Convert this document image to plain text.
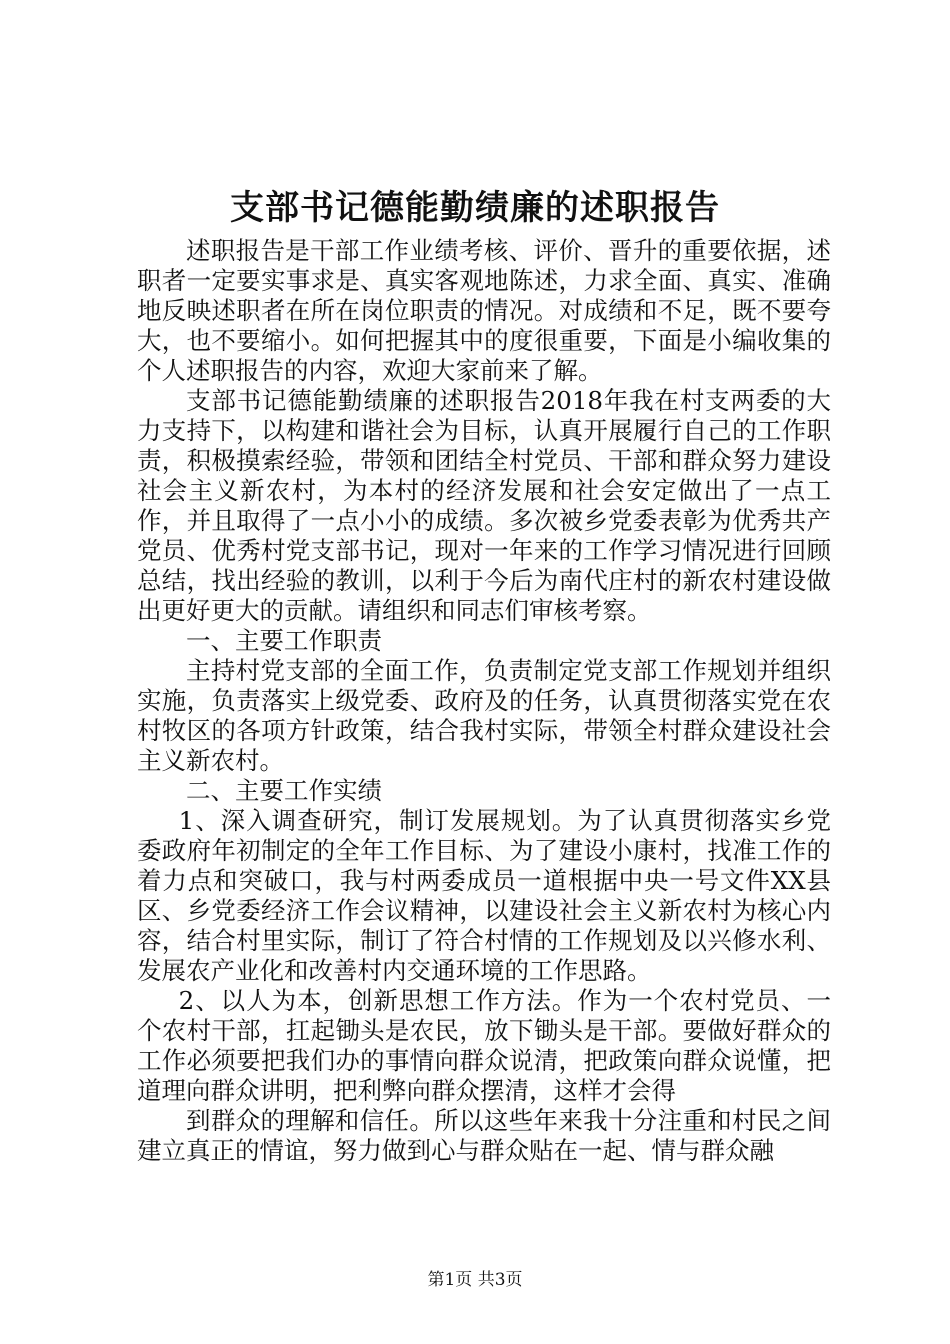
支部书记德能勤绩廉的述职报告

述职报告是干部工作业绩考核、评价、晋升的重要依据，述职者一定要实事求是、真实客观地陈述，力求全面、真实、准确地反映述职者在所在岗位职责的情况。对成绩和不足，既不要夸大，也不要缩小。如何把握其中的度很重要，下面是小编收集的个人述职报告的内容，欢迎大家前来了解。

支部书记德能勤绩廉的述职报告2018年我在村支两委的大力支持下，以构建和谐社会为目标，认真开展履行自己的工作职责，积极摸索经验，带领和团结全村党员、干部和群众努力建设社会主义新农村，为本村的经济发展和社会安定做出了一点工作，并且取得了一点小小的成绩。多次被乡党委表彰为优秀共产党员、优秀村党支部书记，现对一年来的工作学习情况进行回顾总结，找出经验的教训，以利于今后为南代庄村的新农村建设做出更好更大的贡献。请组织和同志们审核考察。

一、主要工作职责

主持村党支部的全面工作，负责制定党支部工作规划并组织实施，负责落实上级党委、政府及的任务，认真贯彻落实党在农村牧区的各项方针政策，结合我村实际，带领全村群众建设社会主义新农村。

二、主要工作实绩

1、深入调查研究，制订发展规划。为了认真贯彻落实乡党委政府年初制定的全年工作目标、为了建设小康村，找准工作的着力点和突破口，我与村两委成员一道根据中央一号文件XX县区、乡党委经济工作会议精神，以建设社会主义新农村为核心内容，结合村里实际，制订了符合村情的工作规划及以兴修水利、发展农产业化和改善村内交通环境的工作思路。

2、以人为本，创新思想工作方法。作为一个农村党员、一个农村干部，扛起锄头是农民，放下锄头是干部。要做好群众的工作必须要把我们办的事情向群众说清，把政策向群众说懂，把道理向群众讲明，把利弊向群众摆清，这样才会得

到群众的理解和信任。所以这些年来我十分注重和村民之间建立真正的情谊，努力做到心与群众贴在一起、情与群众融

第1页 共3页
